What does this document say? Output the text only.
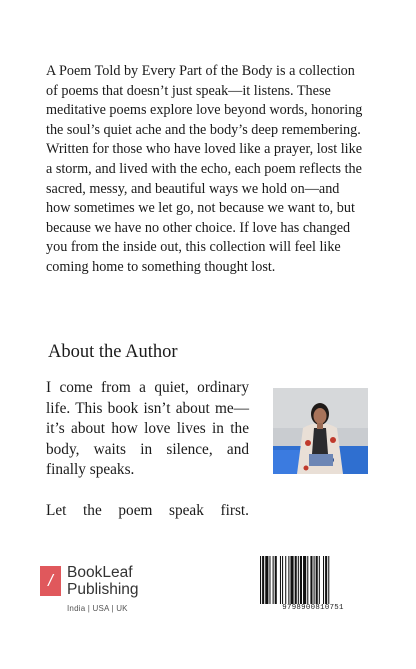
A Poem Told by Every Part of the Body is a collection of poems that doesn’t just speak—it listens. These meditative poems explore love beyond words, honoring the soul’s quiet ache and the body’s deep remembering. Written for those who have loved like a prayer, lost like a storm, and lived with the echo, each poem reflects the sacred, messy, and beautiful ways we hold on—and how sometimes we let go, not because we want to, but because we have no other choice. If love has changed you from the inside out, this collection will feel like coming home to something thought lost.
About the Author

I come from a quiet, ordinary life. This book isn’t about me— it’s about how love lives in the body, waits in silence, and finally speaks.

Let the poem speak first.

/ BookLeaf
Publishing
India | USA | UK	9798900810751
